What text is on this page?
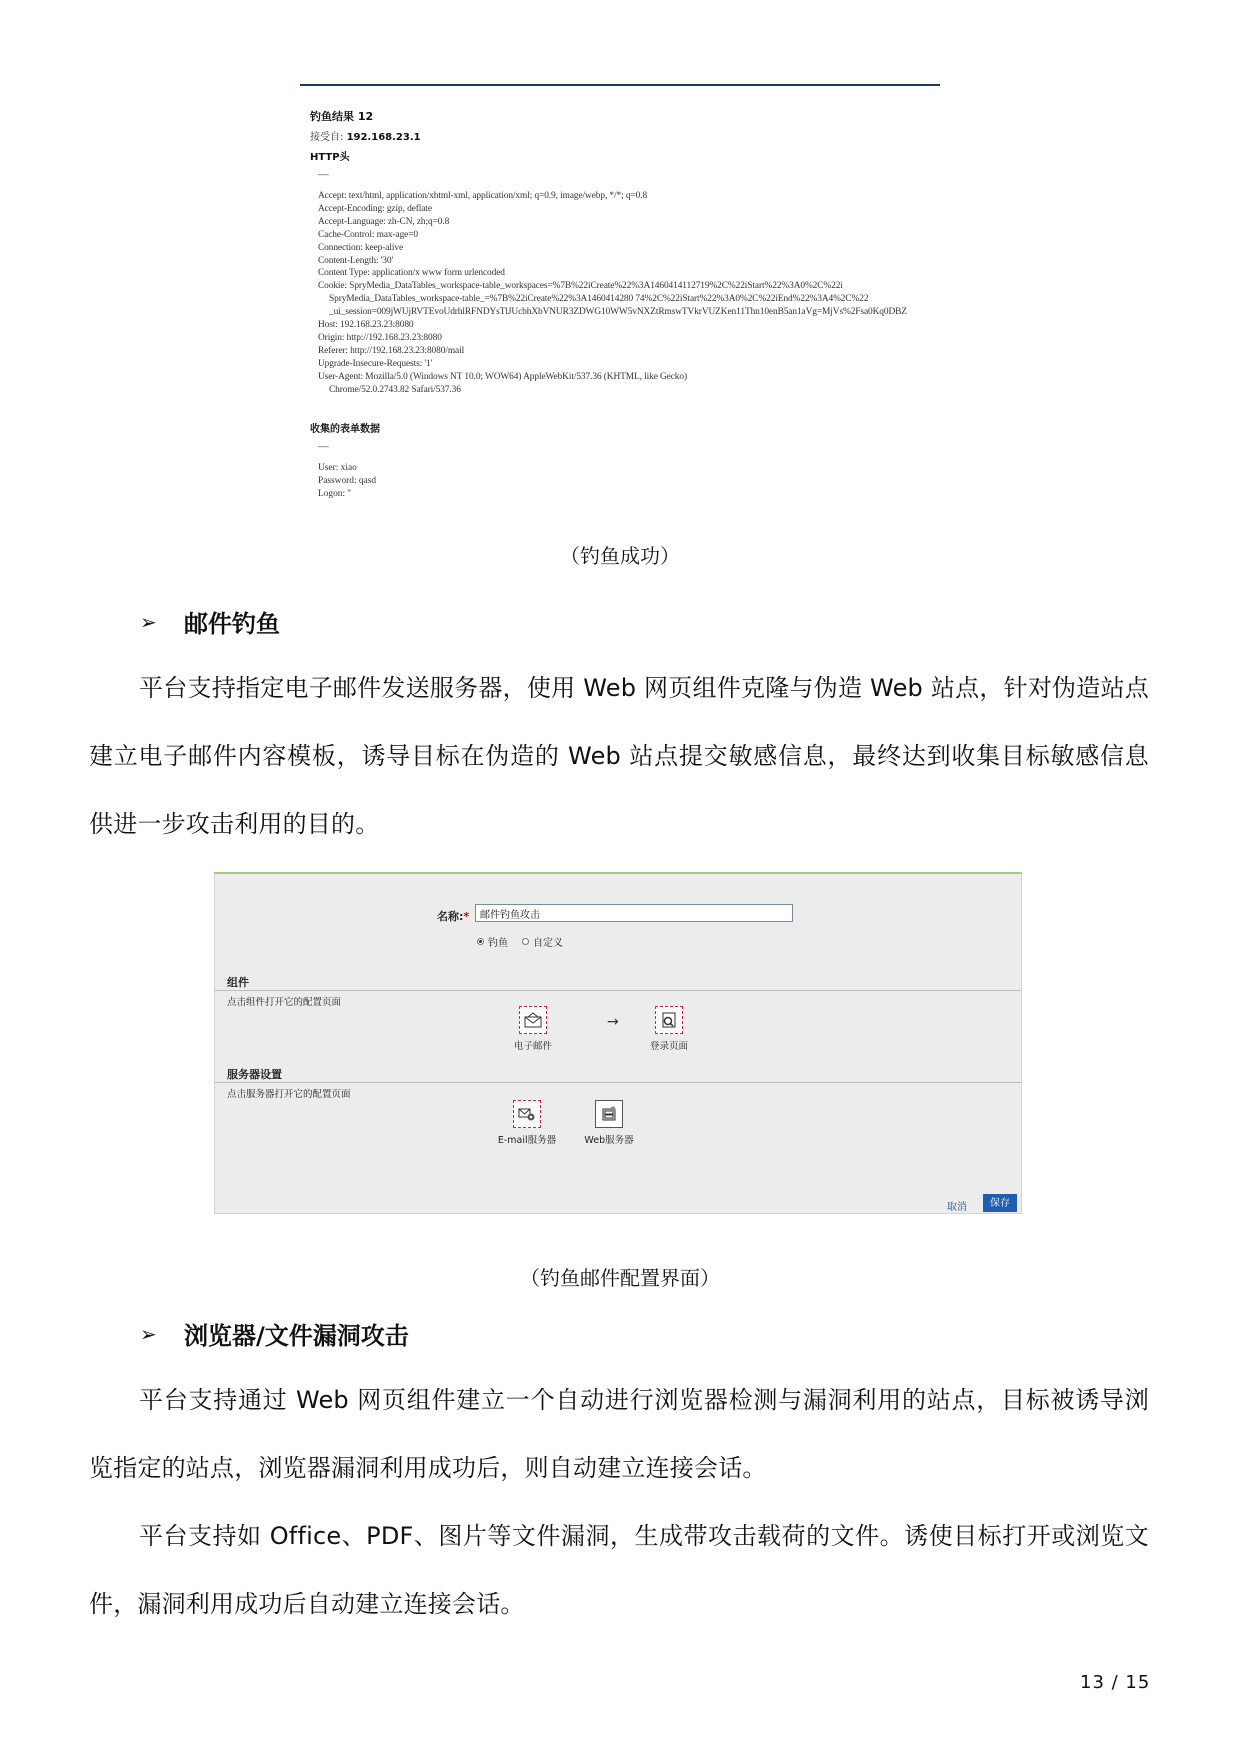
钓鱼结果 12
接受自: 192.168.23.1
HTTP头
——
Accept: text/html, application/xhtml-xml, application/xml; q=0.9, image/webp, */*; q=0.8
Accept-Encoding: gzip, deflate
Accept-Language: zh-CN, zh;q=0.8
Cache-Control: max-age=0
Connection: keep-alive
Content-Length: '30'
Content Type: application/x www form urlencoded
Cookie: SpryMedia_DataTables_workspace-table_workspaces=%7B%22iCreate%22%3A1460414112719%2C%22iStart%22%3A0%2C%22i
SpryMedia_DataTables_workspace-table_=%7B%22iCreate%22%3A1460414280 74%2C%22iStart%22%3A0%2C%22iEnd%22%3A4%2C%22
_ui_session=009jWUjRVTEvoUdrhlRFNDYsTlJUcbhXbVNUR3ZDWG10WW5vNXZtRmswTVkrVUZKen11Thn10enB5an1aVg=MjVs%2Fsa0Kq0DBZ
Host: 192.168.23.23:8080
Origin: http://192.168.23.23:8080
Referer: http://192.168.23.23:8080/mail
Upgrade-Insecure-Requests: '1'
User-Agent: Mozilla/5.0 (Windows NT 10.0; WOW64) AppleWebKit/537.36 (KHTML, like Gecko)
Chrome/52.0.2743.82 Safari/537.36
收集的表单数据
——
User: xiao
Password: qasd
Logon: ''
（钓鱼成功）
➢	邮件钓鱼

平台支持指定电子邮件发送服务器，使用 Web 网页组件克隆与伪造 Web 站点，针对伪造站点建立电子邮件内容模板，诱导目标在伪造的 Web 站点提交敏感信息，最终达到收集目标敏感信息供进一步攻击利用的目的。

名称:*
邮件钓鱼攻击
钓鱼	自定义
组件
点击组件打开它的配置页面
电子邮件
→
登录页面
服务器设置
点击服务器打开它的配置页面
E-mail服务器	Web服务器
取消	保存
（钓鱼邮件配置界面）
➢	浏览器/文件漏洞攻击

平台支持通过 Web 网页组件建立一个自动进行浏览器检测与漏洞利用的站点，目标被诱导浏览指定的站点，浏览器漏洞利用成功后，则自动建立连接会话。

平台支持如 Office、PDF、图片等文件漏洞，生成带攻击载荷的文件。诱使目标打开或浏览文件，漏洞利用成功后自动建立连接会话。

13 / 15
